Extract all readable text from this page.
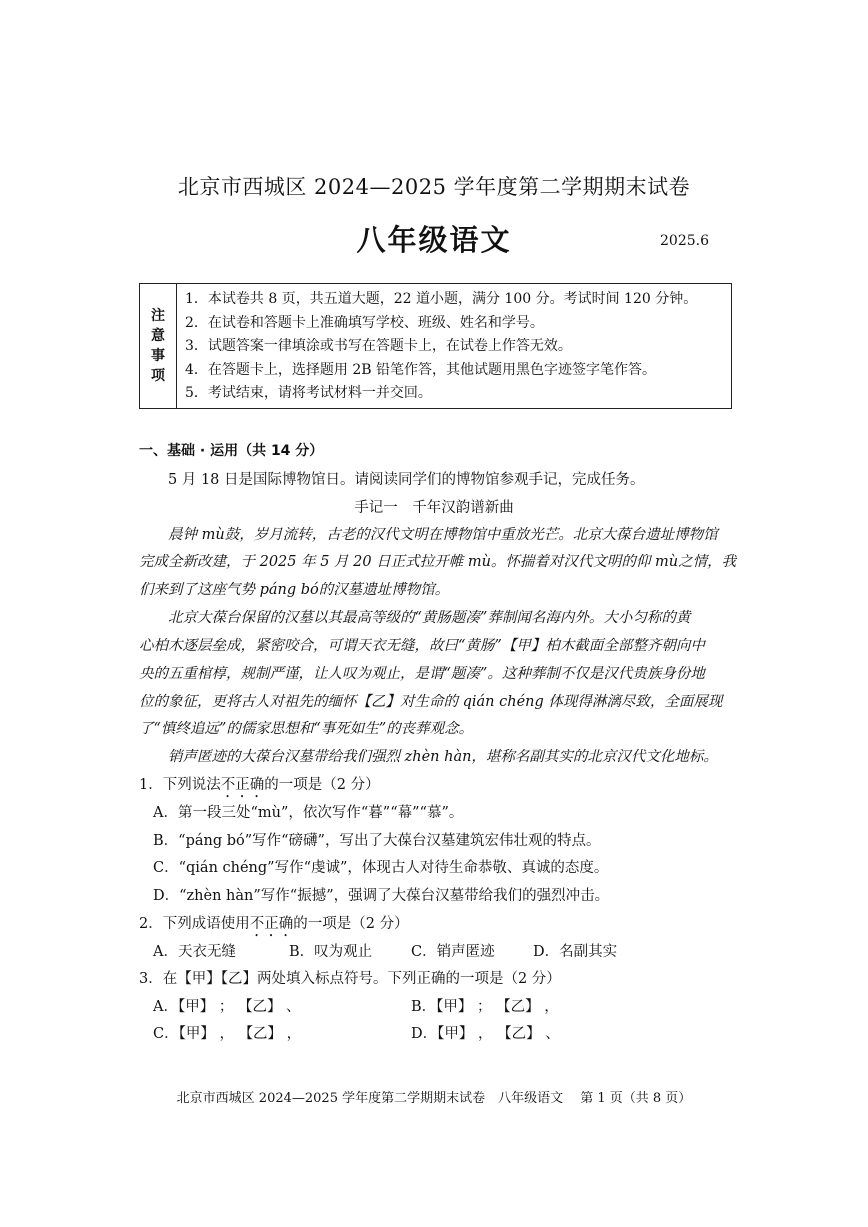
北京市西城区 2024—2025 学年度第二学期期末试卷
八年级语文	2025.6
注
意
事
项
1．本试卷共 8 页，共五道大题，22 道小题，满分 100 分。考试时间 120 分钟。
2．在试卷和答题卡上准确填写学校、班级、姓名和学号。
3．试题答案一律填涂或书写在答题卡上，在试卷上作答无效。
4．在答题卡上，选择题用 2B 铅笔作答，其他试题用黑色字迹签字笔作答。
5．考试结束，请将考试材料一并交回。
一、基础 · 运用（共 14 分）
5 月 18 日是国际博物馆日。请阅读同学们的博物馆参观手记，完成任务。
手记一　千年汉韵谱新曲
晨钟 mù鼓，岁月流转，古老的汉代文明在博物馆中重放光芒。北京大葆台遗址博物馆
完成全新改建，于 2025 年 5 月 20 日正式拉开帷 mù。怀揣着对汉代文明的仰 mù之情，我
们来到了这座气势 páng bó的汉墓遗址博物馆。
北京大葆台保留的汉墓以其最高等级的“黄肠题凑”葬制闻名海内外。大小匀称的黄
心柏木逐层垒成，紧密咬合，可谓天衣无缝，故曰“黄肠”【甲】柏木截面全部整齐朝向中
央的五重棺椁，规制严谨，让人叹为观止，是谓“题凑”。这种葬制不仅是汉代贵族身份地
位的象征，更将古人对祖先的缅怀【乙】对生命的 qián chéng 体现得淋漓尽致，全面展现
了“慎终追远”的儒家思想和“事死如生”的丧葬观念。
销声匿迹的大葆台汉墓带给我们强烈 zhèn hàn，堪称名副其实的北京汉代文化地标。
1．下列说法不正确的一项是（2 分）
A．第一段三处“mù”，依次写作“暮”“幕”“慕”。
B．“páng bó”写作“磅礴”，写出了大葆台汉墓建筑宏伟壮观的特点。
C．“qián chéng”写作“虔诚”，体现古人对待生命恭敬、真诚的态度。
D．“zhèn hàn”写作“振撼”，强调了大葆台汉墓带给我们的强烈冲击。
2．下列成语使用不正确的一项是（2 分）
A．天衣无缝	B．叹为观止	C．销声匿迹	D．名副其实
3．在【甲】【乙】两处填入标点符号。下列正确的一项是（2 分）
A．【甲】 ； 【乙】 、	B．【甲】 ； 【乙】 ，
C．【甲】 ， 【乙】 ，	D．【甲】 ， 【乙】 、
北京市西城区 2024—2025 学年度第二学期期末试卷　八年级语文　 第 1 页（共 8 页）
